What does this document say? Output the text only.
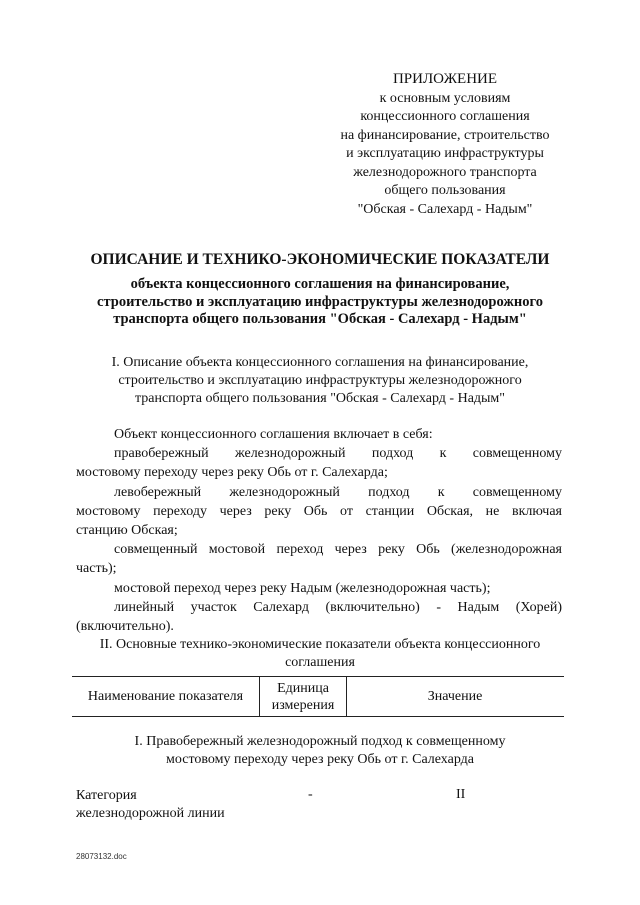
ПРИЛОЖЕНИЕ
к основным условиям
концессионного соглашения
на финансирование, строительство
и эксплуатацию инфраструктуры
железнодорожного транспорта
общего пользования
"Обская - Салехард - Надым"
ОПИСАНИЕ И ТЕХНИКО-ЭКОНОМИЧЕСКИЕ ПОКАЗАТЕЛИ
объекта концессионного соглашения на финансирование,
строительство и эксплуатацию инфраструктуры железнодорожного
транспорта общего пользования "Обская - Салехард - Надым"
I. Описание объекта концессионного соглашения на финансирование,
строительство и эксплуатацию инфраструктуры железнодорожного
транспорта общего пользования "Обская - Салехард - Надым"
Объект концессионного соглашения включает в себя:
правобережный железнодорожный подход к совмещенному
мостовому переходу через реку Обь от г. Салехарда;
левобережный железнодорожный подход к совмещенному
мостовому переходу через реку Обь от станции Обская, не включая
станцию Обская;
совмещенный мостовой переход через реку Обь (железнодорожная
часть);
мостовой переход через реку Надым (железнодорожная часть);
линейный участок Салехард (включительно) - Надым (Хорей)
(включительно).
II. Основные технико-экономические показатели объекта концессионного
соглашения
Наименование показателя
Единица
измерения
Значение
I. Правобережный железнодорожный подход к совмещенному
мостовому переходу через реку Обь от г. Салехарда
Категория
железнодорожной линии
-	II
28073132.doc
